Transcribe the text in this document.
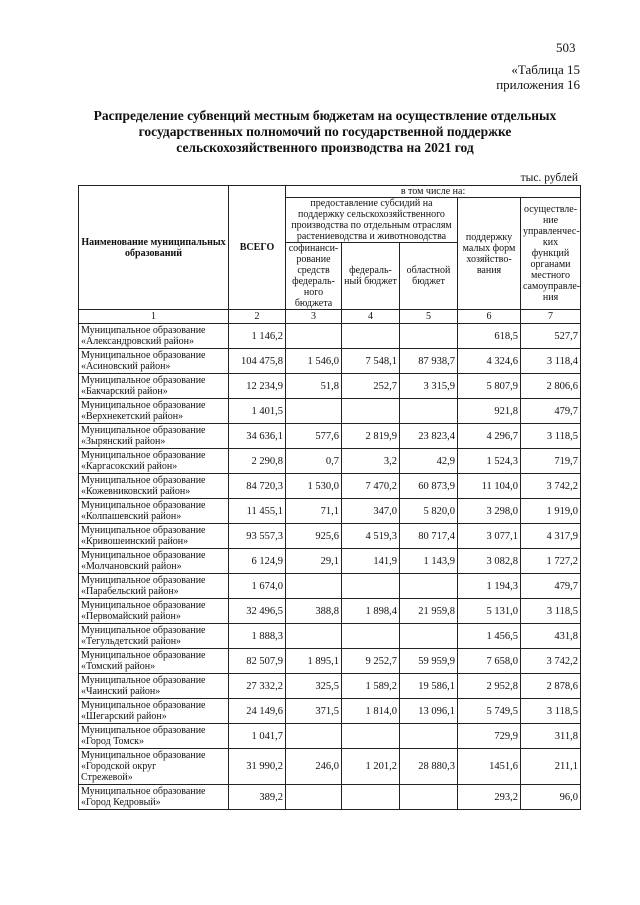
503
«Таблица 15
приложения 16
Распределение субвенций местным бюджетам на осуществление отдельных
государственных полномочий по государственной поддержке
сельскохозяйственного производства на 2021 год
тыс. рублей
Наименование муниципальных образований	ВСЕГО	в том числе на:				
		предоставление субсидий на поддержку сельскохозяйственного производства по отдельным отраслям растениеводства и животноводства			поддержку малых форм хозяйство-вания	осуществле-ние управленчес-ких функций органами местного самоуправле-ния
		софинанси-рование средств федераль-ного бюджета	федераль-ный бюджет	областной бюджет		

1	2	3	4	5	6	7

Муниципальное образование
«Александровский район»	1 146,2				618,5	527,7

Муниципальное образование
«Асиновский район»	104 475,8	1 546,0	7 548,1	87 938,7	4 324,6	3 118,4

Муниципальное образование
«Бакчарский район»	12 234,9	51,8	252,7	3 315,9	5 807,9	2 806,6

Муниципальное образование
«Верхнекетский район»	1 401,5				921,8	479,7

Муниципальное образование
«Зырянский район»	34 636,1	577,6	2 819,9	23 823,4	4 296,7	3 118,5

Муниципальное образование
«Каргасокский район»	2 290,8	0,7	3,2	42,9	1 524,3	719,7

Муниципальное образование
«Кожевниковский район»	84 720,3	1 530,0	7 470,2	60 873,9	11 104,0	3 742,2

Муниципальное образование
«Колпашевский район»	11 455,1	71,1	347,0	5 820,0	3 298,0	1 919,0

Муниципальное образование
«Кривошеинский район»	93 557,3	925,6	4 519,3	80 717,4	3 077,1	4 317,9

Муниципальное образование
«Молчановский район»	6 124,9	29,1	141,9	1 143,9	3 082,8	1 727,2

Муниципальное образование
«Парабельский район»	1 674,0				1 194,3	479,7

Муниципальное образование
«Первомайский район»	32 496,5	388,8	1 898,4	21 959,8	5 131,0	3 118,5

Муниципальное образование
«Тегульдетский район»	1 888,3				1 456,5	431,8

Муниципальное образование
«Томский район»	82 507,9	1 895,1	9 252,7	59 959,9	7 658,0	3 742,2

Муниципальное образование
«Чаинский район»	27 332,2	325,5	1 589,2	19 586,1	2 952,8	2 878,6

Муниципальное образование
«Шегарский район»	24 149,6	371,5	1 814,0	13 096,1	5 749,5	3 118,5

Муниципальное образование
«Город Томск»	1 041,7				729,9	311,8

Муниципальное образование
«Городской округ
Стрежевой»	31 990,2	246,0	1 201,2	28 880,3	1451,6	211,1

Муниципальное образование
«Город Кедровый»	389,2				293,2	96,0
